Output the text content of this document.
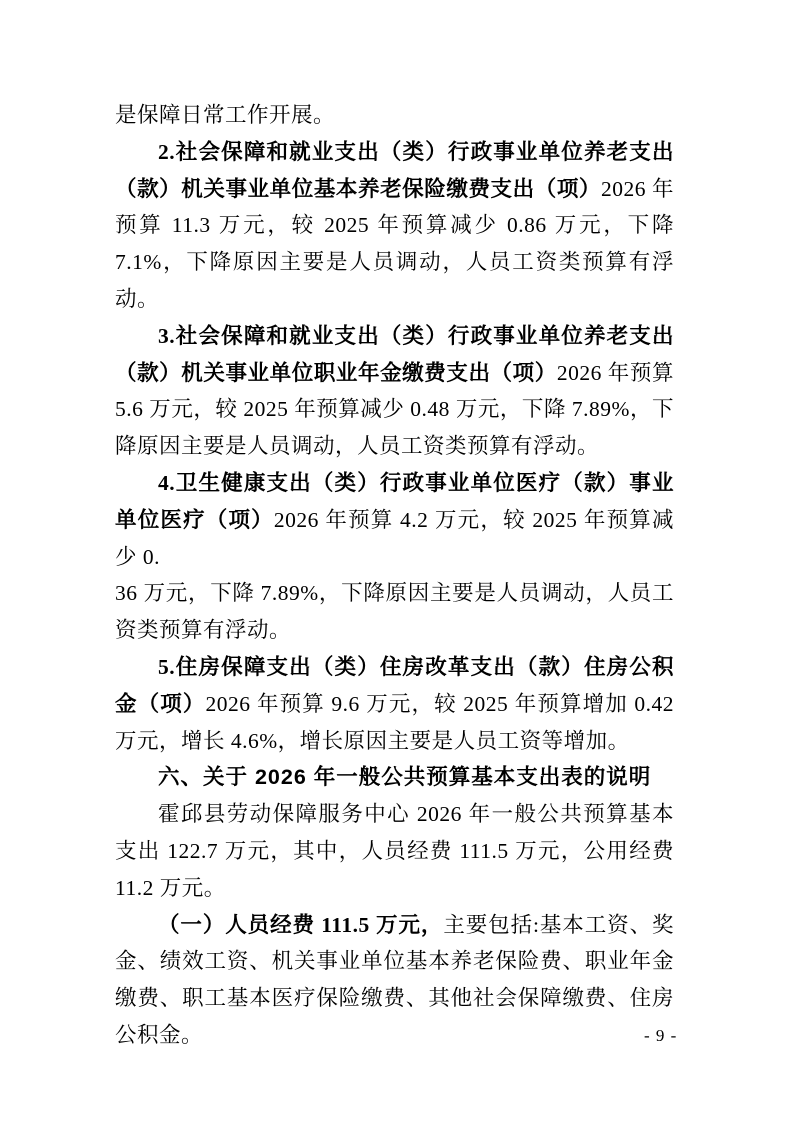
是保障日常工作开展。

2.社会保障和就业支出（类）行政事业单位养老支出（款）机关事业单位基本养老保险缴费支出（项）2026 年预算 11.3 万元，较 2025 年预算减少 0.86 万元，下降 7.1%，下降原因主要是人员调动，人员工资类预算有浮动。

3.社会保障和就业支出（类）行政事业单位养老支出（款）机关事业单位职业年金缴费支出（项）2026 年预算 5.6 万元，较 2025 年预算减少 0.48 万元，下降 7.89%，下降原因主要是人员调动，人员工资类预算有浮动。

4.卫生健康支出（类）行政事业单位医疗（款）事业单位医疗（项）2026 年预算 4.2 万元，较 2025 年预算减少 0.

36 万元，下降 7.89%，下降原因主要是人员调动，人员工资类预算有浮动。

5.住房保障支出（类）住房改革支出（款）住房公积金（项）2026 年预算 9.6 万元，较 2025 年预算增加 0.42 万元，增长 4.6%，增长原因主要是人员工资等增加。

六、关于 2026 年一般公共预算基本支出表的说明

霍邱县劳动保障服务中心 2026 年一般公共预算基本支出 122.7 万元，其中，人员经费 111.5 万元，公用经费 11.2 万元。

（一）人员经费 111.5 万元，主要包括:基本工资、奖金、绩效工资、机关事业单位基本养老保险费、职业年金缴费、职工基本医疗保险缴费、其他社会保障缴费、住房公积金。	- 9 -
